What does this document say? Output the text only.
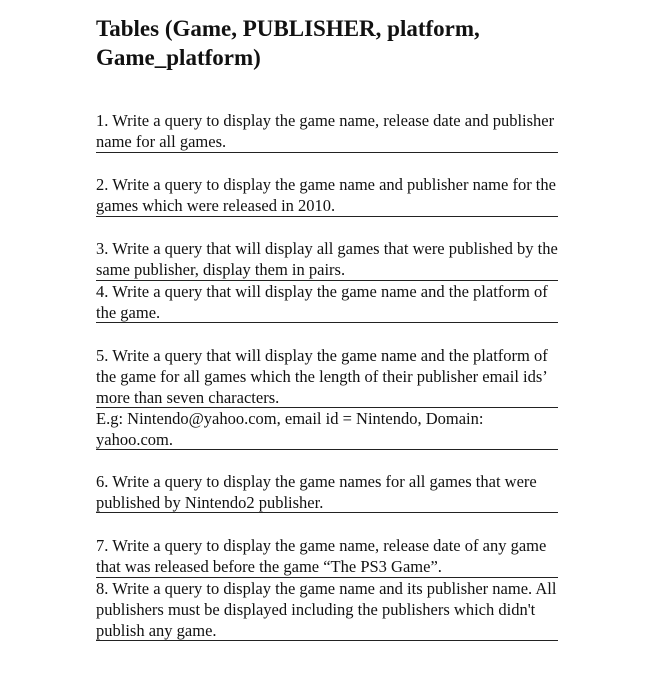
Tables (Game, PUBLISHER, platform, Game_platform)

1. Write a query to display the game name, release date and publisher name for all games.

2. Write a query to display the game name and publisher name for the games which were released in 2010.

3. Write a query that will display all games that were published by the same publisher, display them in pairs.

4. Write a query that will display the game name and the platform of the game.

5. Write a query that will display the game name and the platform of the game for all games which the length of their publisher email ids’ more than seven characters.

E.g: Nintendo@yahoo.com, email id = Nintendo, Domain: yahoo.com.

6. Write a query to display the game names for all games that were published by Nintendo2 publisher.

7. Write a query to display the game name, release date of any game that was released before the game “The PS3 Game”.

8. Write a query to display the game name and its publisher name. All publishers must be displayed including the publishers which didn't publish any game.
